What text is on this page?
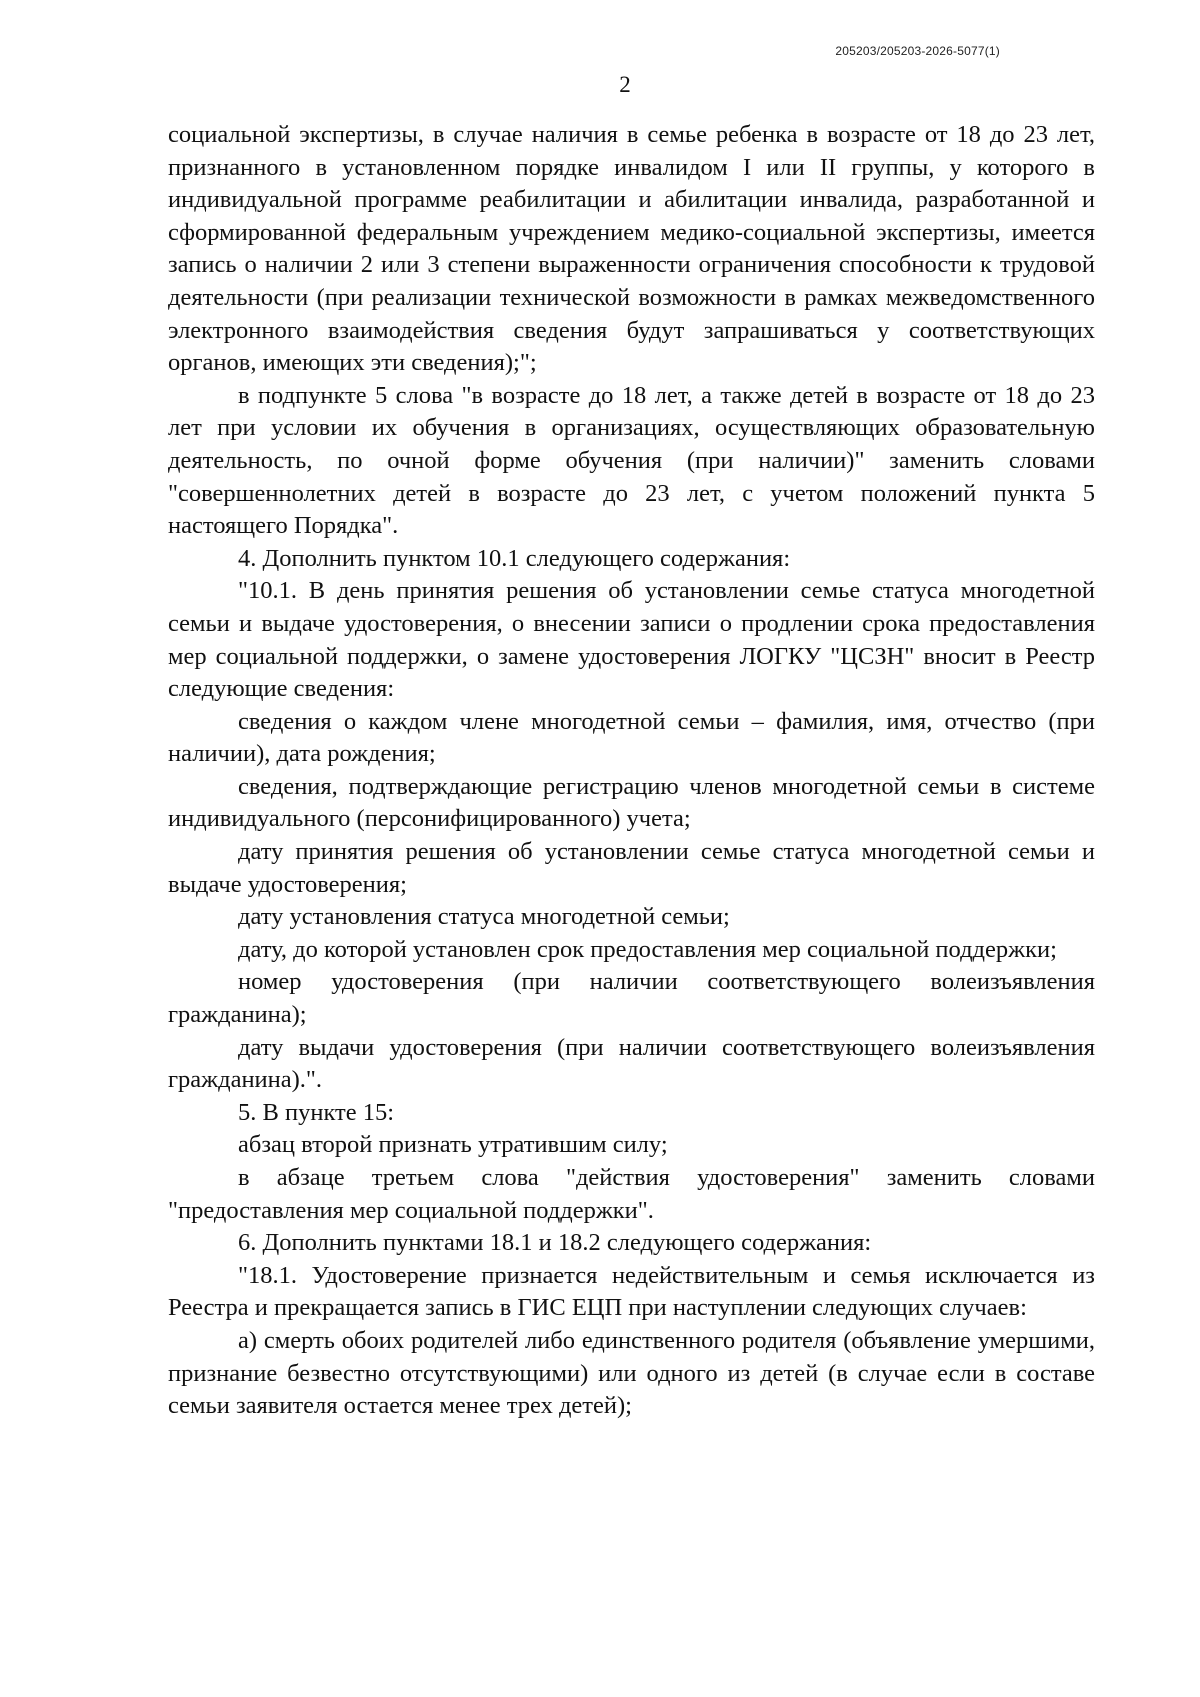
205203/205203-2026-5077(1)
2

социальной экспертизы, в случае наличия в семье ребенка в возрасте от 18 до 23 лет, признанного в установленном порядке инвалидом I или II группы, у которого в индивидуальной программе реабилитации и абилитации инвалида, разработанной и сформированной федеральным учреждением медико-социальной экспертизы, имеется запись о наличии 2 или 3 степени выраженности ограничения способности к трудовой деятельности (при реализации технической возможности в рамках межведомственного электронного взаимодействия сведения будут запрашиваться у соответствующих органов, имеющих эти сведения);";

в подпункте 5 слова "в возрасте до 18 лет, а также детей в возрасте от 18 до 23 лет при условии их обучения в организациях, осуществляющих образовательную деятельность, по очной форме обучения (при наличии)" заменить словами "совершеннолетних детей в возрасте до 23 лет, с учетом положений пункта 5 настоящего Порядка".

4. Дополнить пунктом 10.1 следующего содержания:

"10.1. В день принятия решения об установлении семье статуса многодетной семьи и выдаче удостоверения, о внесении записи о продлении срока предоставления мер социальной поддержки, о замене удостоверения ЛОГКУ "ЦСЗН" вносит в Реестр следующие сведения:

сведения о каждом члене многодетной семьи – фамилия, имя, отчество (при наличии), дата рождения;

сведения, подтверждающие регистрацию членов многодетной семьи в системе индивидуального (персонифицированного) учета;

дату принятия решения об установлении семье статуса многодетной семьи и выдаче удостоверения;

дату установления статуса многодетной семьи;

дату, до которой установлен срок предоставления мер социальной поддержки;

номер удостоверения (при наличии соответствующего волеизъявления гражданина);

дату выдачи удостоверения (при наличии соответствующего волеизъявления гражданина).".

5. В пункте 15:

абзац второй признать утратившим силу;

в абзаце третьем слова "действия удостоверения" заменить словами "предоставления мер социальной поддержки".

6. Дополнить пунктами 18.1 и 18.2 следующего содержания:

"18.1. Удостоверение признается недействительным и семья исключается из Реестра и прекращается запись в ГИС ЕЦП при наступлении следующих случаев:

а) смерть обоих родителей либо единственного родителя (объявление умершими, признание безвестно отсутствующими) или одного из детей (в случае если в составе семьи заявителя остается менее трех детей);
